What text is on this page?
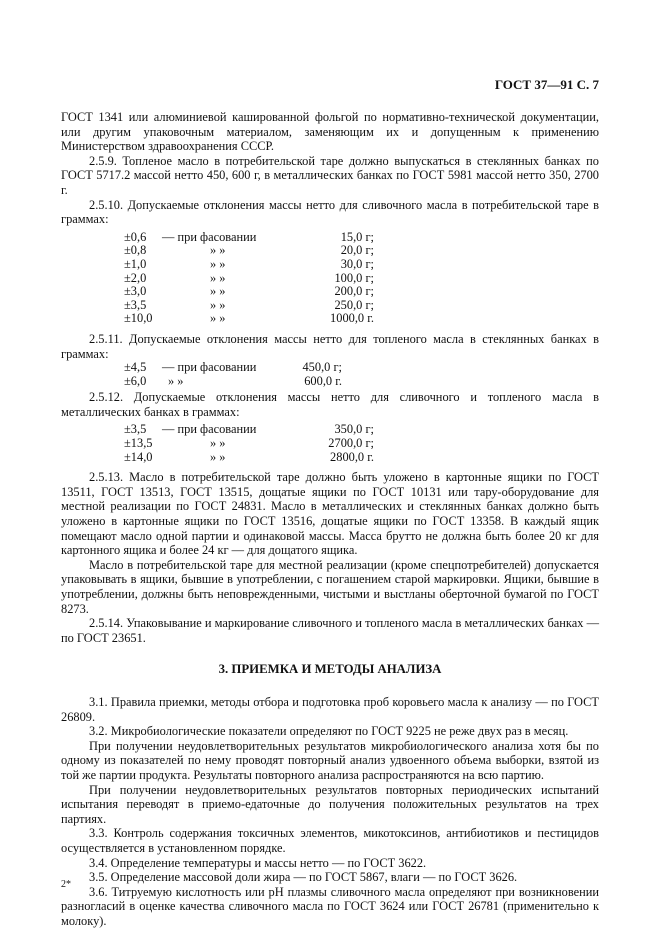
ГОСТ 37—91 С. 7

ГОСТ 1341 или алюминиевой кашированной фольгой по нормативно-технической документации, или другим упаковочным материалом, заменяющим их и допущенным к применению Министерством здравоохранения СССР.

2.5.9. Топленое масло в потребительской таре должно выпускаться в стеклянных банках по ГОСТ 5717.2 массой нетто 450, 600 г, в металлических банках по ГОСТ 5981 массой нетто 350, 2700 г.

2.5.10. Допускаемые отклонения массы нетто для сливочного масла в потребительской таре в граммах:

±0,6	— при фасовании	15,0 г;
±0,8	» »	20,0 г;
±1,0	» »	30,0 г;
±2,0	» »	100,0 г;
±3,0	» »	200,0 г;
±3,5	» »	250,0 г;
±10,0	» »	1000,0 г.

2.5.11. Допускаемые отклонения массы нетто для топленого масла в стеклянных банках в граммах:

±4,5	— при фасовании	450,0 г;
±6,0	» »	600,0 г.

2.5.12. Допускаемые отклонения массы нетто для сливочного и топленого масла в металлических банках в граммах:

±3,5	— при фасовании	350,0 г;
±13,5	» »	2700,0 г;
±14,0	» »	2800,0 г.

2.5.13. Масло в потребительской таре должно быть уложено в картонные ящики по ГОСТ 13511, ГОСТ 13513, ГОСТ 13515, дощатые ящики по ГОСТ 10131 или тару-оборудование для местной реализации по ГОСТ 24831. Масло в металлических и стеклянных банках должно быть уложено в картонные ящики по ГОСТ 13516, дощатые ящики по ГОСТ 13358. В каждый ящик помещают масло одной партии и одинаковой массы. Масса брутто не должна быть более 20 кг для картонного ящика и более 24 кг — для дощатого ящика.

Масло в потребительской таре для местной реализации (кроме спецпотребителей) допускается упаковывать в ящики, бывшие в употреблении, с погашением старой маркировки. Ящики, бывшие в употреблении, должны быть неповрежденными, чистыми и выстланы оберточной бумагой по ГОСТ 8273.

2.5.14. Упаковывание и маркирование сливочного и топленого масла в металлических банках — по ГОСТ 23651.

3. ПРИЕМКА И МЕТОДЫ АНАЛИЗА

3.1. Правила приемки, методы отбора и подготовка проб коровьего масла к анализу — по ГОСТ 26809.

3.2. Микробиологические показатели определяют по ГОСТ 9225 не реже двух раз в месяц.

При получении неудовлетворительных результатов микробиологического анализа хотя бы по одному из показателей по нему проводят повторный анализ удвоенного объема выборки, взятой из той же партии продукта. Результаты повторного анализа распространяются на всю партию.

При получении неудовлетворительных результатов повторных периодических испытаний испытания переводят в приемо-едаточные до получения положительных результатов на трех партиях.

3.3. Контроль содержания токсичных элементов, микотоксинов, антибиотиков и пестицидов осуществляется в установленном порядке.

3.4. Определение температуры и массы нетто — по ГОСТ 3622.

3.5. Определение массовой доли жира — по ГОСТ 5867, влаги — по ГОСТ 3626.

3.6. Титруемую кислотность или pH плазмы сливочного масла определяют при возникновении разногласий в оценке качества сливочного масла по ГОСТ 3624 или ГОСТ 26781 (применительно к молоку).

2*
